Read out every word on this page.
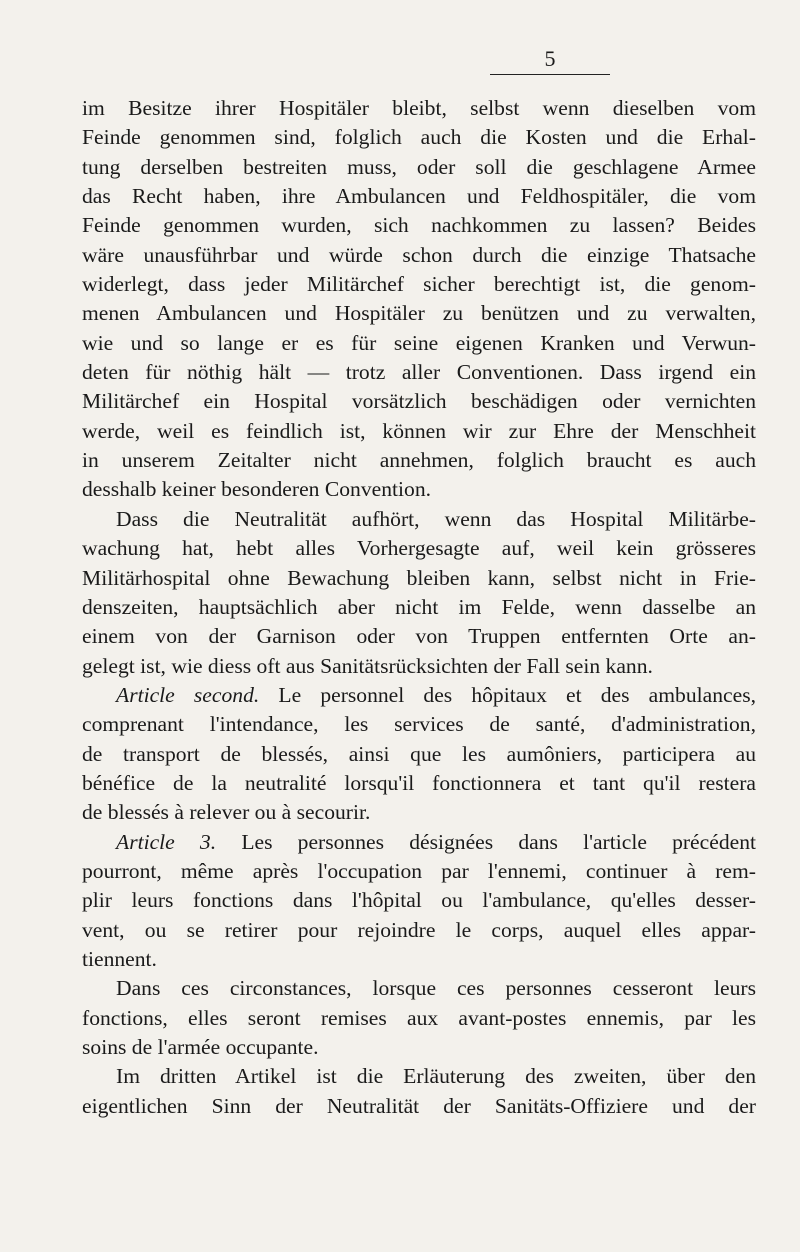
5
im Besitze ihrer Hospitäler bleibt, selbst wenn dieselben vom
Feinde genommen sind, folglich auch die Kosten und die Erhal-
tung derselben bestreiten muss, oder soll die geschlagene Armee
das Recht haben, ihre Ambulancen und Feldhospitäler, die vom
Feinde genommen wurden, sich nachkommen zu lassen? Beides
wäre unausführbar und würde schon durch die einzige Thatsache
widerlegt, dass jeder Militärchef sicher berechtigt ist, die genom-
menen Ambulancen und Hospitäler zu benützen und zu verwalten,
wie und so lange er es für seine eigenen Kranken und Verwun-
deten für nöthig hält — trotz aller Conventionen. Dass irgend ein
Militärchef ein Hospital vorsätzlich beschädigen oder vernichten
werde, weil es feindlich ist, können wir zur Ehre der Menschheit
in unserem Zeitalter nicht annehmen, folglich braucht es auch
desshalb keiner besonderen Convention.
Dass die Neutralität aufhört, wenn das Hospital Militärbe-
wachung hat, hebt alles Vorhergesagte auf, weil kein grösseres
Militärhospital ohne Bewachung bleiben kann, selbst nicht in Frie-
denszeiten, hauptsächlich aber nicht im Felde, wenn dasselbe an
einem von der Garnison oder von Truppen entfernten Orte an-
gelegt ist, wie diess oft aus Sanitätsrücksichten der Fall sein kann.
Article second. Le personnel des hôpitaux et des ambulances,
comprenant l'intendance, les services de santé, d'administration,
de transport de blessés, ainsi que les aumôniers, participera au
bénéfice de la neutralité lorsqu'il fonctionnera et tant qu'il restera
de blessés à relever ou à secourir.
Article 3. Les personnes désignées dans l'article précédent
pourront, même après l'occupation par l'ennemi, continuer à rem-
plir leurs fonctions dans l'hôpital ou l'ambulance, qu'elles desser-
vent, ou se retirer pour rejoindre le corps, auquel elles appar-
tiennent.
Dans ces circonstances, lorsque ces personnes cesseront leurs
fonctions, elles seront remises aux avant-postes ennemis, par les
soins de l'armée occupante.
Im dritten Artikel ist die Erläuterung des zweiten, über den
eigentlichen Sinn der Neutralität der Sanitäts-Offiziere und der
